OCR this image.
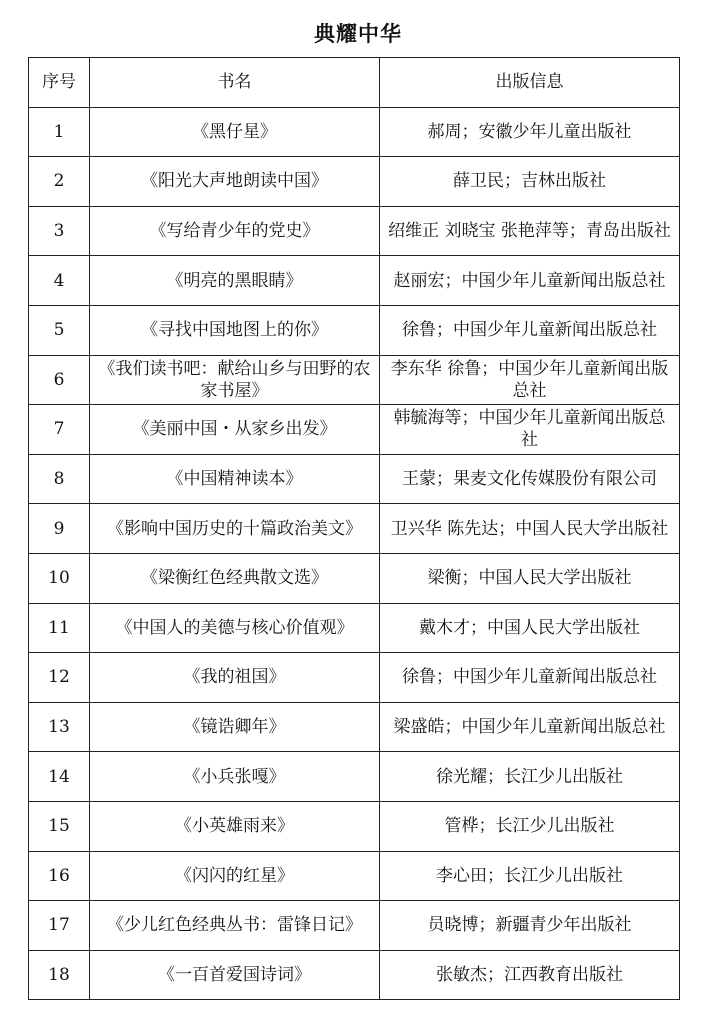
典耀中华
序号	书名	出版信息
1	《黑仔星》	郝周；安徽少年儿童出版社
2	《阳光大声地朗读中国》	薛卫民；吉林出版社
3	《写给青少年的党史》	绍维正 刘晓宝 张艳萍等；青岛出版社
4	《明亮的黑眼睛》	赵丽宏；中国少年儿童新闻出版总社
5	《寻找中国地图上的你》	徐鲁；中国少年儿童新闻出版总社
6	《我们读书吧：献给山乡与田野的农家书屋》	李东华 徐鲁；中国少年儿童新闻出版总社
7	《美丽中国・从家乡出发》	韩毓海等；中国少年儿童新闻出版总社
8	《中国精神读本》	王蒙；果麦文化传媒股份有限公司
9	《影响中国历史的十篇政治美文》	卫兴华 陈先达；中国人民大学出版社
10	《梁衡红色经典散文选》	梁衡；中国人民大学出版社
11	《中国人的美德与核心价值观》	戴木才；中国人民大学出版社
12	《我的祖国》	徐鲁；中国少年儿童新闻出版总社
13	《镜诰卿年》	梁盛皓；中国少年儿童新闻出版总社
14	《小兵张嘎》	徐光耀；长江少儿出版社
15	《小英雄雨来》	管桦；长江少儿出版社
16	《闪闪的红星》	李心田；长江少儿出版社
17	《少儿红色经典丛书：雷锋日记》	员晓博；新疆青少年出版社
18	《一百首爱国诗词》	张敏杰；江西教育出版社
